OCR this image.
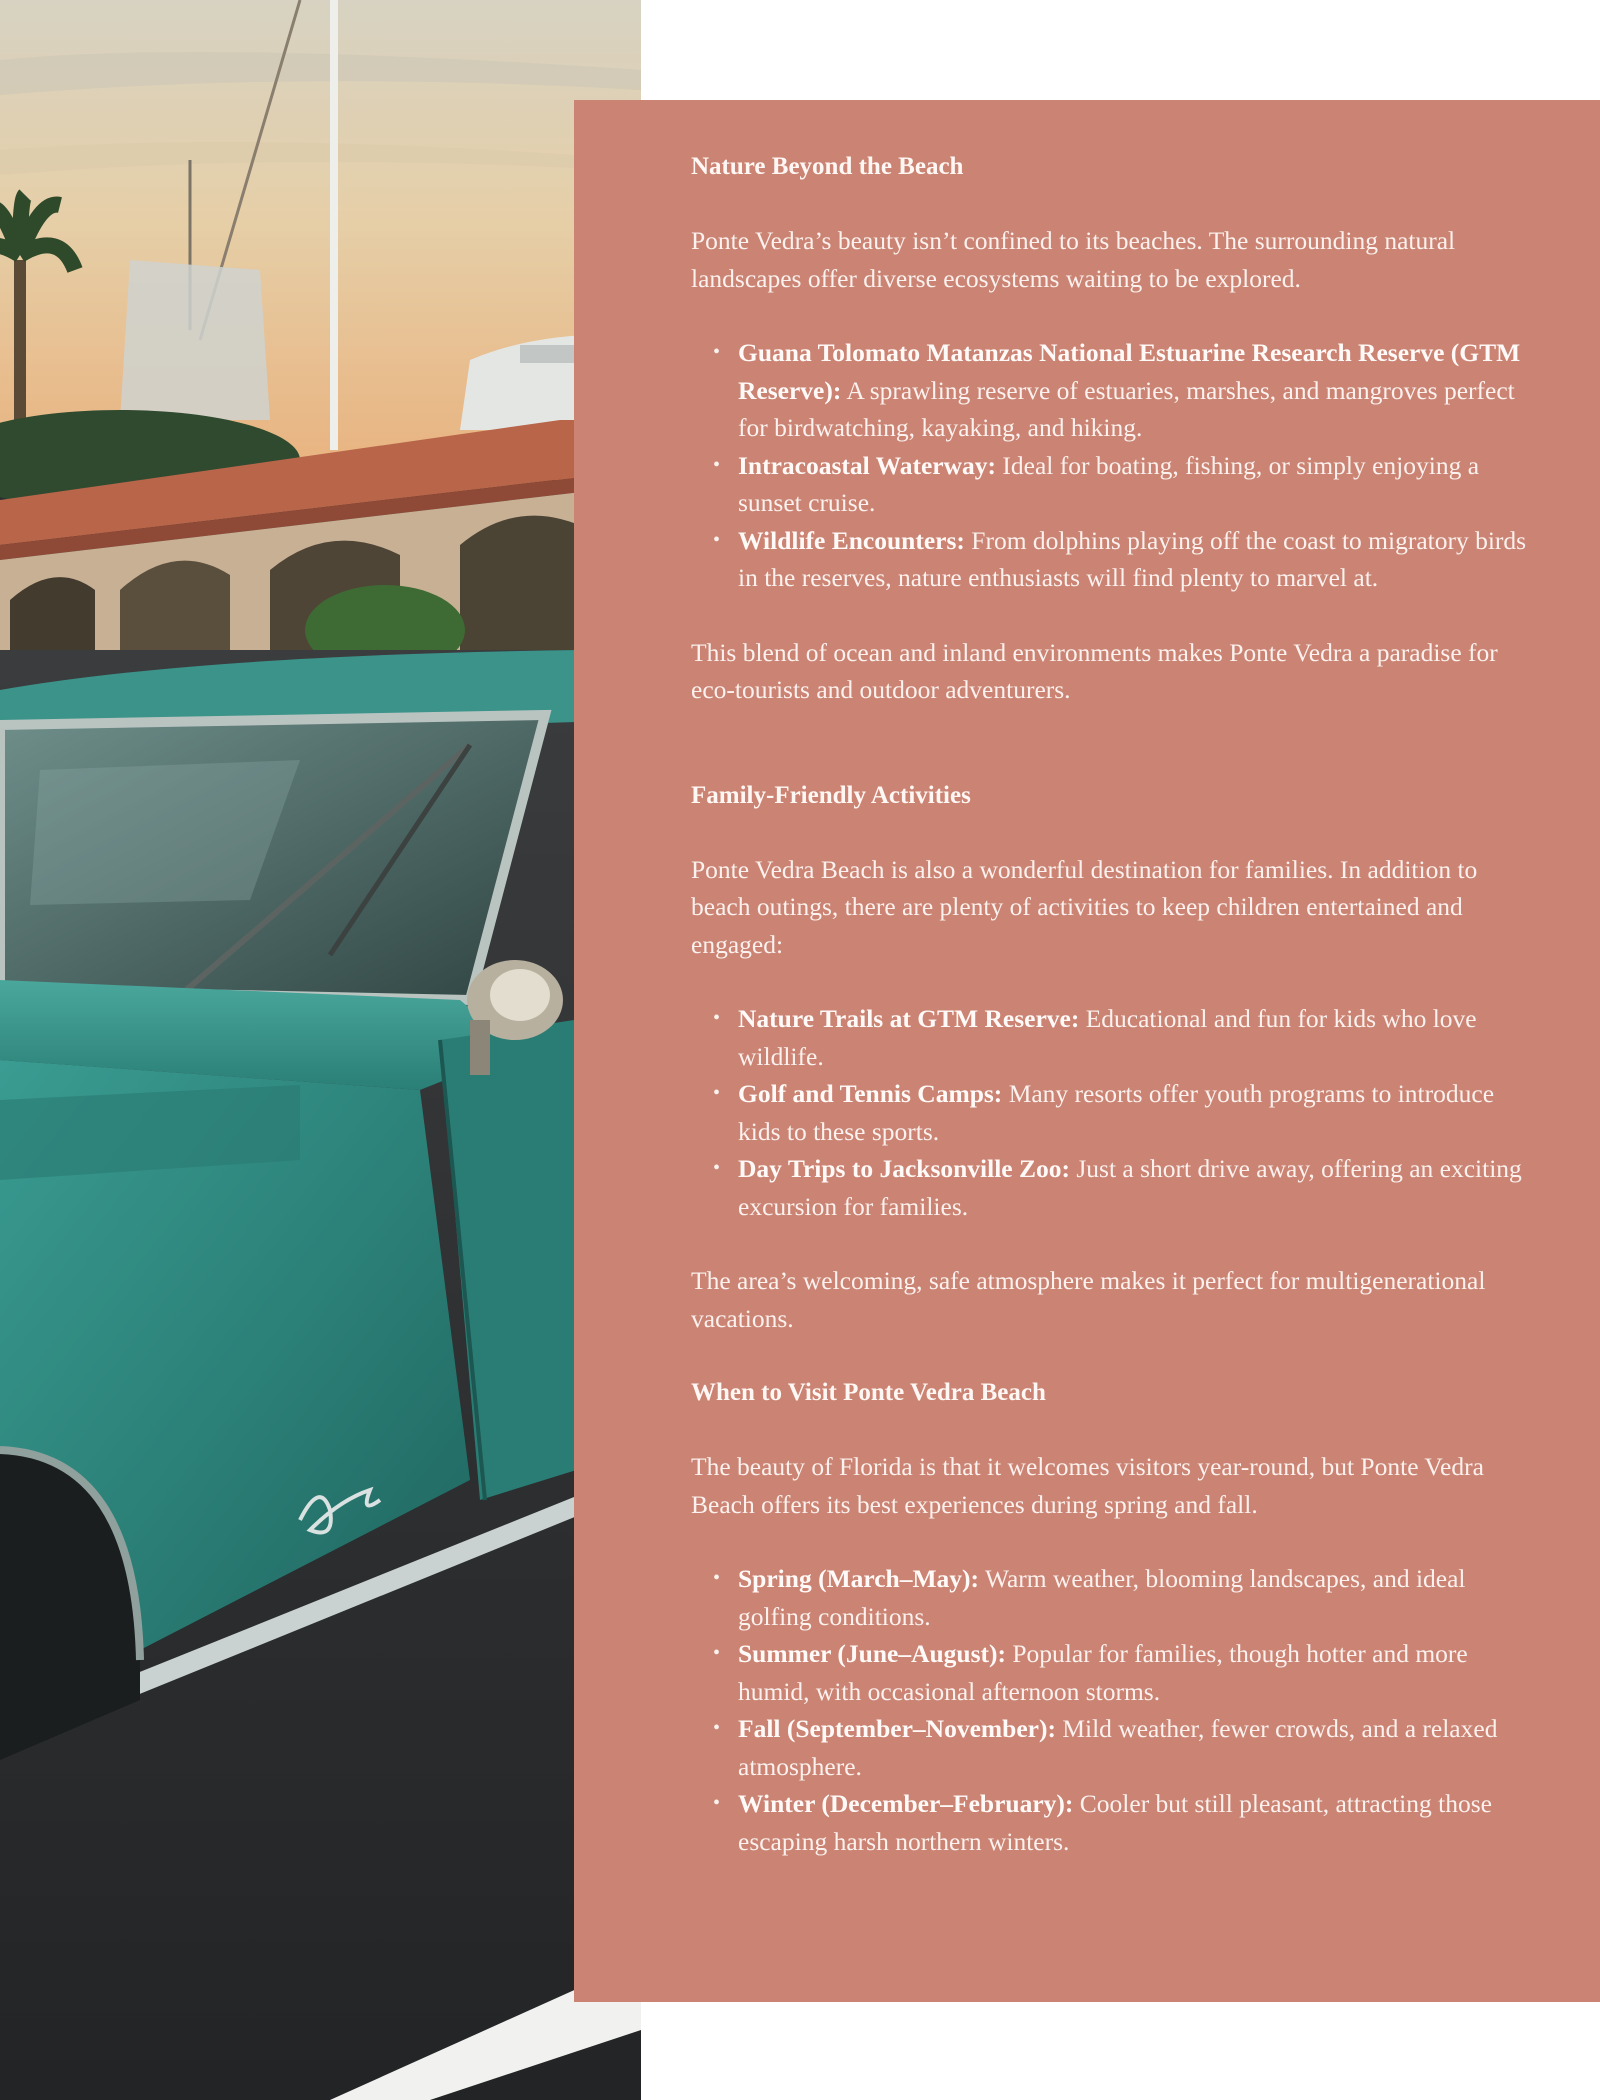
Nature Beyond the Beach

Ponte Vedra’s beauty isn’t confined to its beaches. The surrounding natural landscapes offer diverse ecosystems waiting to be explored.

• Guana Tolomato Matanzas National Estuarine Research Reserve (GTM Reserve): A sprawling reserve of estuaries, marshes, and mangroves perfect for birdwatching, kayaking, and hiking.
• Intracoastal Waterway: Ideal for boating, fishing, or simply enjoying a sunset cruise.
• Wildlife Encounters: From dolphins playing off the coast to migratory birds in the reserves, nature enthusiasts will find plenty to marvel at.

This blend of ocean and inland environments makes Ponte Vedra a paradise for eco-tourists and outdoor adventurers.

Family-Friendly Activities

Ponte Vedra Beach is also a wonderful destination for families. In addition to beach outings, there are plenty of activities to keep children entertained and engaged:

• Nature Trails at GTM Reserve: Educational and fun for kids who love wildlife.
• Golf and Tennis Camps: Many resorts offer youth programs to introduce kids to these sports.
• Day Trips to Jacksonville Zoo: Just a short drive away, offering an exciting excursion for families.

The area’s welcoming, safe atmosphere makes it perfect for multigenerational vacations.

When to Visit Ponte Vedra Beach

The beauty of Florida is that it welcomes visitors year-round, but Ponte Vedra Beach offers its best experiences during spring and fall.

• Spring (March–May): Warm weather, blooming landscapes, and ideal golfing conditions.
• Summer (June–August): Popular for families, though hotter and more humid, with occasional afternoon storms.
• Fall (September–November): Mild weather, fewer crowds, and a relaxed atmosphere.
• Winter (December–February): Cooler but still pleasant, attracting those escaping harsh northern winters.
